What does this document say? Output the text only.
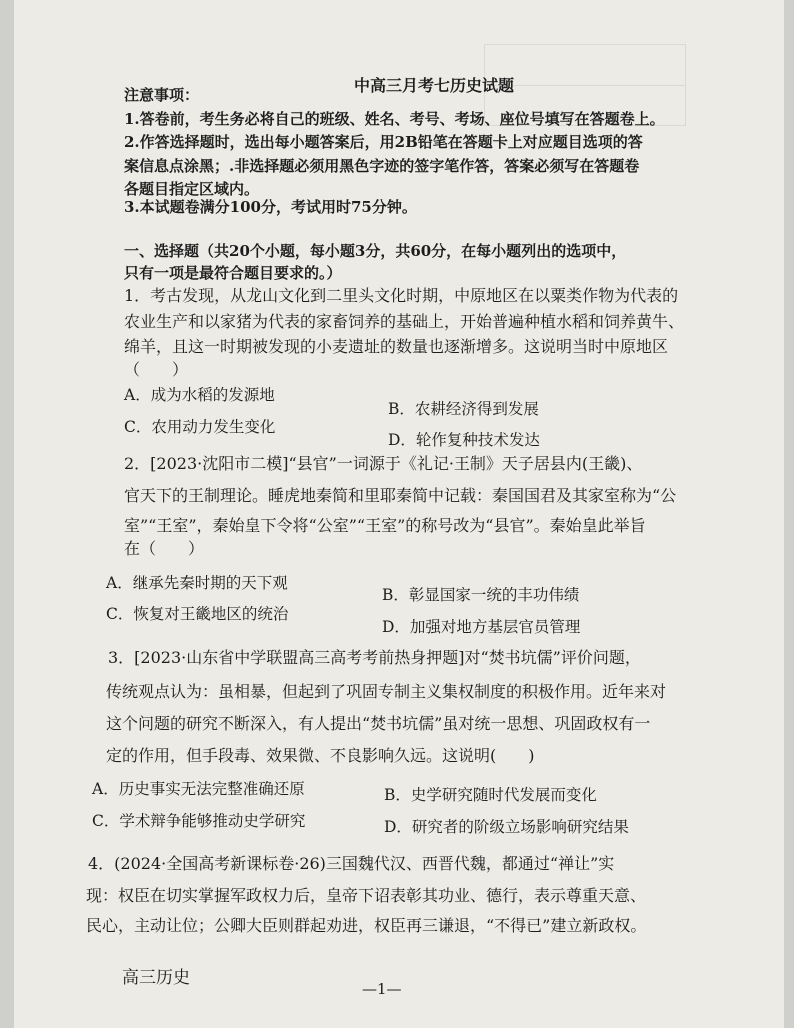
中高三月考七历史试题
注意事项：
1.答卷前，考生务必将自己的班级、姓名、考号、考场、座位号填写在答题卷上。
2.作答选择题时，选出每小题答案后，用2B铅笔在答题卡上对应题目选项的答
案信息点涂黑；.非选择题必须用黑色字迹的签字笔作答，答案必须写在答题卷
各题目指定区域内。
3.本试题卷满分100分，考试用时75分钟。
一、选择题（共20个小题，每小题3分，共60分，在每小题列出的选项中，
只有一项是最符合题目要求的。）
1．考古发现，从龙山文化到二里头文化时期，中原地区在以粟类作物为代表的
农业生产和以家猪为代表的家畜饲养的基础上，开始普遍种植水稻和饲养黄牛、
绵羊，且这一时期被发现的小麦遗址的数量也逐渐增多。这说明当时中原地区
（　　）
A．成为水稻的发源地
B．农耕经济得到发展
C．农用动力发生变化
D．轮作复种技术发达
2．[2023·沈阳市二模]“县官”一词源于《礼记·王制》天子居县内(王畿)、
官天下的王制理论。睡虎地秦简和里耶秦简中记载：秦国国君及其家室称为“公
室”“王室”，秦始皇下令将“公室”“王室”的称号改为“县官”。秦始皇此举旨
在（　　）
A．继承先秦时期的天下观
B．彰显国家一统的丰功伟绩
C．恢复对王畿地区的统治
D．加强对地方基层官员管理
3．[2023·山东省中学联盟高三高考考前热身押题]对“焚书坑儒”评价问题，
传统观点认为：虽相暴，但起到了巩固专制主义集权制度的积极作用。近年来对
这个问题的研究不断深入，有人提出“焚书坑儒”虽对统一思想、巩固政权有一
定的作用，但手段毒、效果微、不良影响久远。这说明(　　)
A．历史事实无法完整准确还原	B．史学研究随时代发展而变化
C．学术辩争能够推动史学研究	D．研究者的阶级立场影响研究结果
4．(2024·全国高考新课标卷·26)三国魏代汉、西晋代魏，都通过“禅让”实
现：权臣在切实掌握军政权力后，皇帝下诏表彰其功业、德行，表示尊重天意、
民心，主动让位；公卿大臣则群起劝进，权臣再三谦退，“不得已”建立新政权。
高三历史
—1—
